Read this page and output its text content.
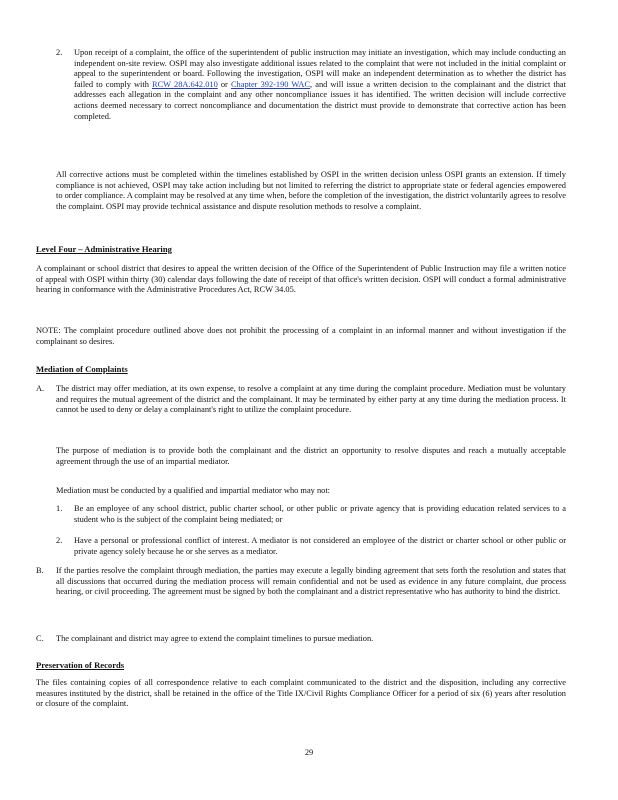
2. Upon receipt of a complaint, the office of the superintendent of public instruction may initiate an investigation, which may include conducting an independent on-site review. OSPI may also investigate additional issues related to the complaint that were not included in the initial complaint or appeal to the superintendent or board. Following the investigation, OSPI will make an independent determination as to whether the district has failed to comply with RCW 28A.642.010 or Chapter 392-190 WAC, and will issue a written decision to the complainant and the district that addresses each allegation in the complaint and any other noncompliance issues it has identified. The written decision will include corrective actions deemed necessary to correct noncompliance and documentation the district must provide to demonstrate that corrective action has been completed.

All corrective actions must be completed within the timelines established by OSPI in the written decision unless OSPI grants an extension. If timely compliance is not achieved, OSPI may take action including but not limited to referring the district to appropriate state or federal agencies empowered to order compliance. A complaint may be resolved at any time when, before the completion of the investigation, the district voluntarily agrees to resolve the complaint. OSPI may provide technical assistance and dispute resolution methods to resolve a complaint.
Level Four – Administrative Hearing
A complainant or school district that desires to appeal the written decision of the Office of the Superintendent of Public Instruction may file a written notice of appeal with OSPI within thirty (30) calendar days following the date of receipt of that office's written decision. OSPI will conduct a formal administrative hearing in conformance with the Administrative Procedures Act, RCW 34.05.
NOTE: The complaint procedure outlined above does not prohibit the processing of a complaint in an informal manner and without investigation if the complainant so desires.
Mediation of Complaints
A. The district may offer mediation, at its own expense, to resolve a complaint at any time during the complaint procedure. Mediation must be voluntary and requires the mutual agreement of the district and the complainant. It may be terminated by either party at any time during the mediation process. It cannot be used to deny or delay a complainant's right to utilize the complaint procedure.
The purpose of mediation is to provide both the complainant and the district an opportunity to resolve disputes and reach a mutually acceptable agreement through the use of an impartial mediator.
Mediation must be conducted by a qualified and impartial mediator who may not:
1. Be an employee of any school district, public charter school, or other public or private agency that is providing education related services to a student who is the subject of the complaint being mediated; or
2. Have a personal or professional conflict of interest. A mediator is not considered an employee of the district or charter school or other public or private agency solely because he or she serves as a mediator.
B. If the parties resolve the complaint through mediation, the parties may execute a legally binding agreement that sets forth the resolution and states that all discussions that occurred during the mediation process will remain confidential and not be used as evidence in any future complaint, due process hearing, or civil proceeding. The agreement must be signed by both the complainant and a district representative who has authority to bind the district.
C. The complainant and district may agree to extend the complaint timelines to pursue mediation.
Preservation of Records
The files containing copies of all correspondence relative to each complaint communicated to the district and the disposition, including any corrective measures instituted by the district, shall be retained in the office of the Title IX/Civil Rights Compliance Officer for a period of six (6) years after resolution or closure of the complaint.
29
